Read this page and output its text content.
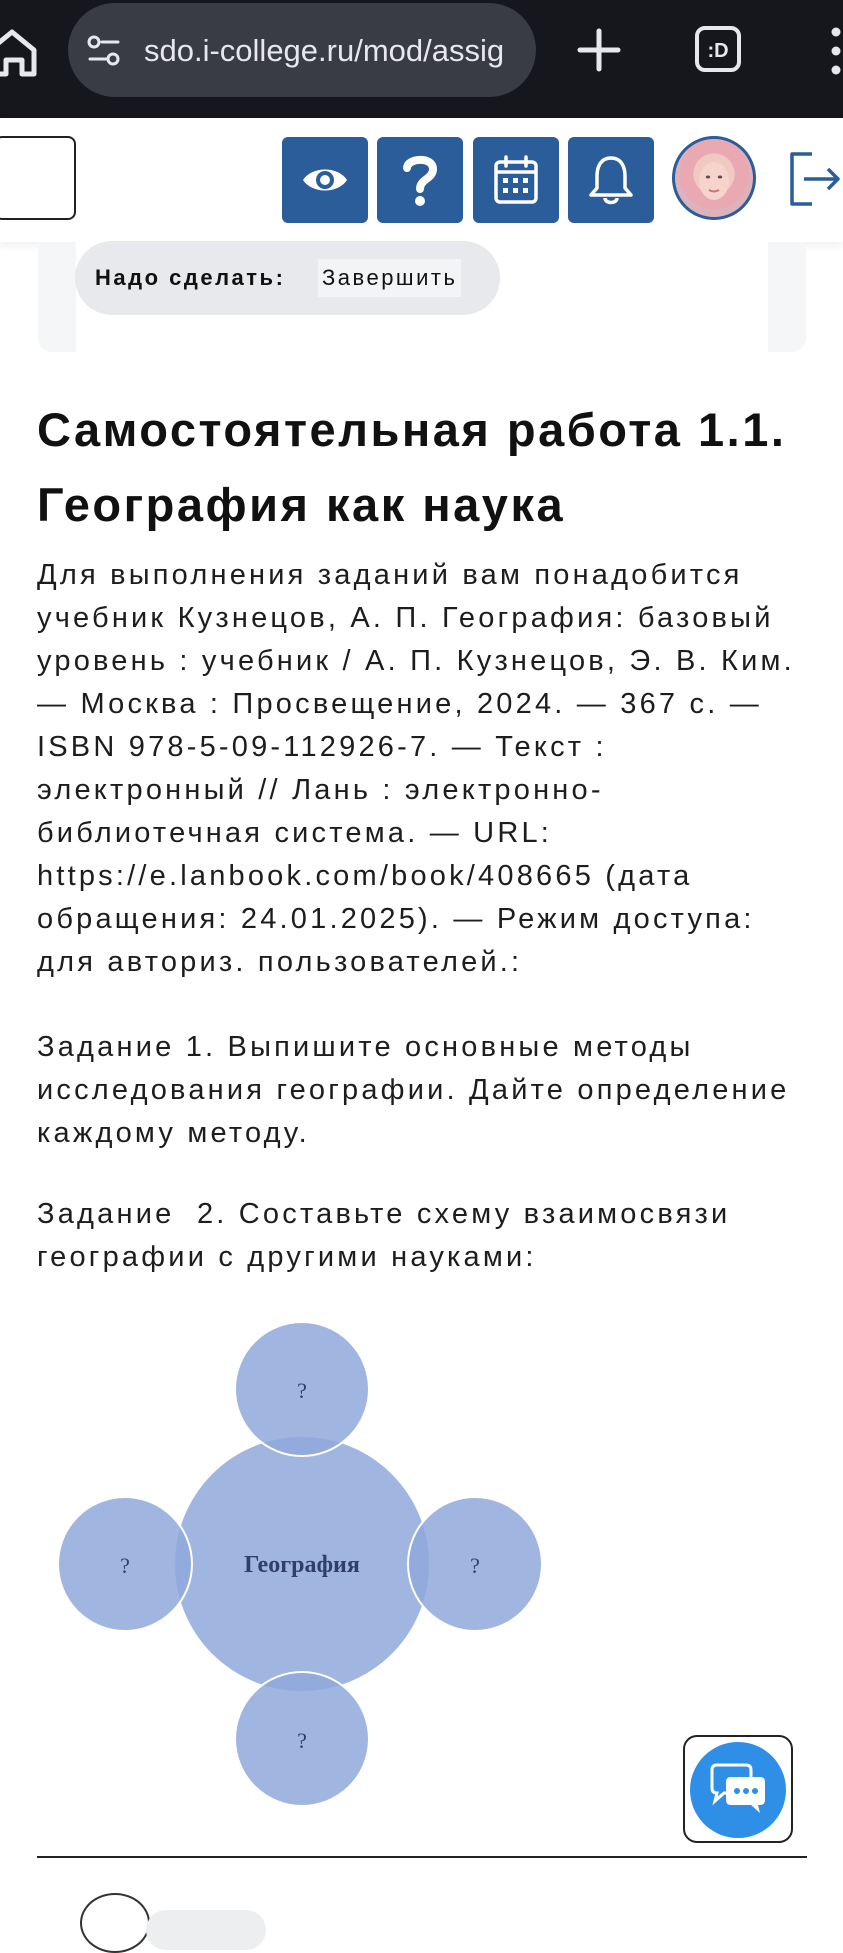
sdo.i-college.ru/mod/assig	:D
Надо сделать: Завершить
Самостоятельная работа 1.1. География как наука

Для выполнения заданий вам понадобится учебник Кузнецов, А. П. География: базовый уровень : учебник / А. П. Кузнецов, Э. В. Ким. — Москва : Просвещение, 2024. — 367 с. — ISBN 978-5-09-112926-7. — Текст : электронный // Лань : электронно-библиотечная система. — URL: https://e.lanbook.com/book/408665 (дата обращения: 24.01.2025). — Режим доступа: для авториз. пользователей.:

Задание 1. Выпишите основные методы исследования географии. Дайте определение каждому методу.

Задание  2. Составьте схему взаимосвязи географии с другими науками:

География
?
?	?
?
